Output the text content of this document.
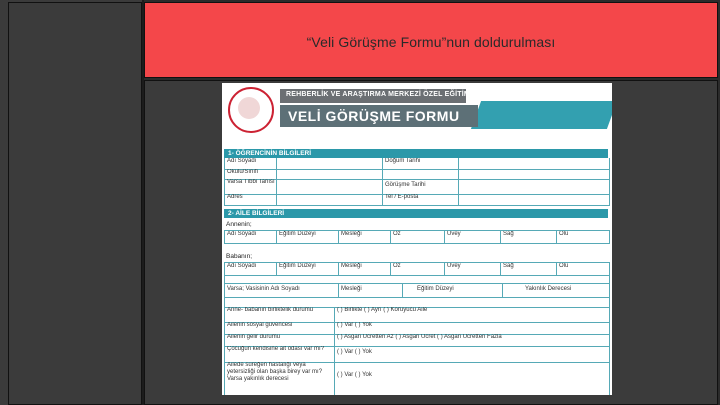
“Veli Görüşme Formu”nun doldurulması
REHBERLİK VE ARAŞTIRMA MERKEZİ ÖZEL EĞİTİM BÖLÜMÜ
VELİ GÖRÜŞME FORMU
1- ÖĞRENCİNİN BİLGİLERİ
Adı Soyadı	Doğum Tarihi
Okulu/Sınıfı
Varsa Tıbbi Tanısı	Görüşme Tarihi
Adres	Tel / E-posta
2- AİLE BİLGİLERİ
Annenin;
Adı Soyadı	Eğitim Düzeyi	Mesleği	Öz	Üvey	Sağ	Ölü
Babanın;
Adı Soyadı	Eğitim Düzeyi	Mesleği	Öz	Üvey	Sağ	Ölü
Varsa; Vasisinin Adı Soyadı	Mesleği	Eğitim Düzeyi	Yakınlık Derecesi
Anne- babanın birliktelik durumu	( ) Birlikte ( ) Ayrı ( ) Koruyucu Aile
Ailenin sosyal güvencesi	( ) Var ( ) Yok
Ailenin gelir durumu	( ) Asgari Ücretten Az ( ) Asgari Ücret ( ) Asgari Ücretten Fazla
Çocuğun kendisine ait odası var mı?	( ) Var ( ) Yok
Ailede süreğen hastalığı veya yetersizliği olan başka birey var mı? Varsa yakınlık derecesi
( ) Var ( ) Yok
